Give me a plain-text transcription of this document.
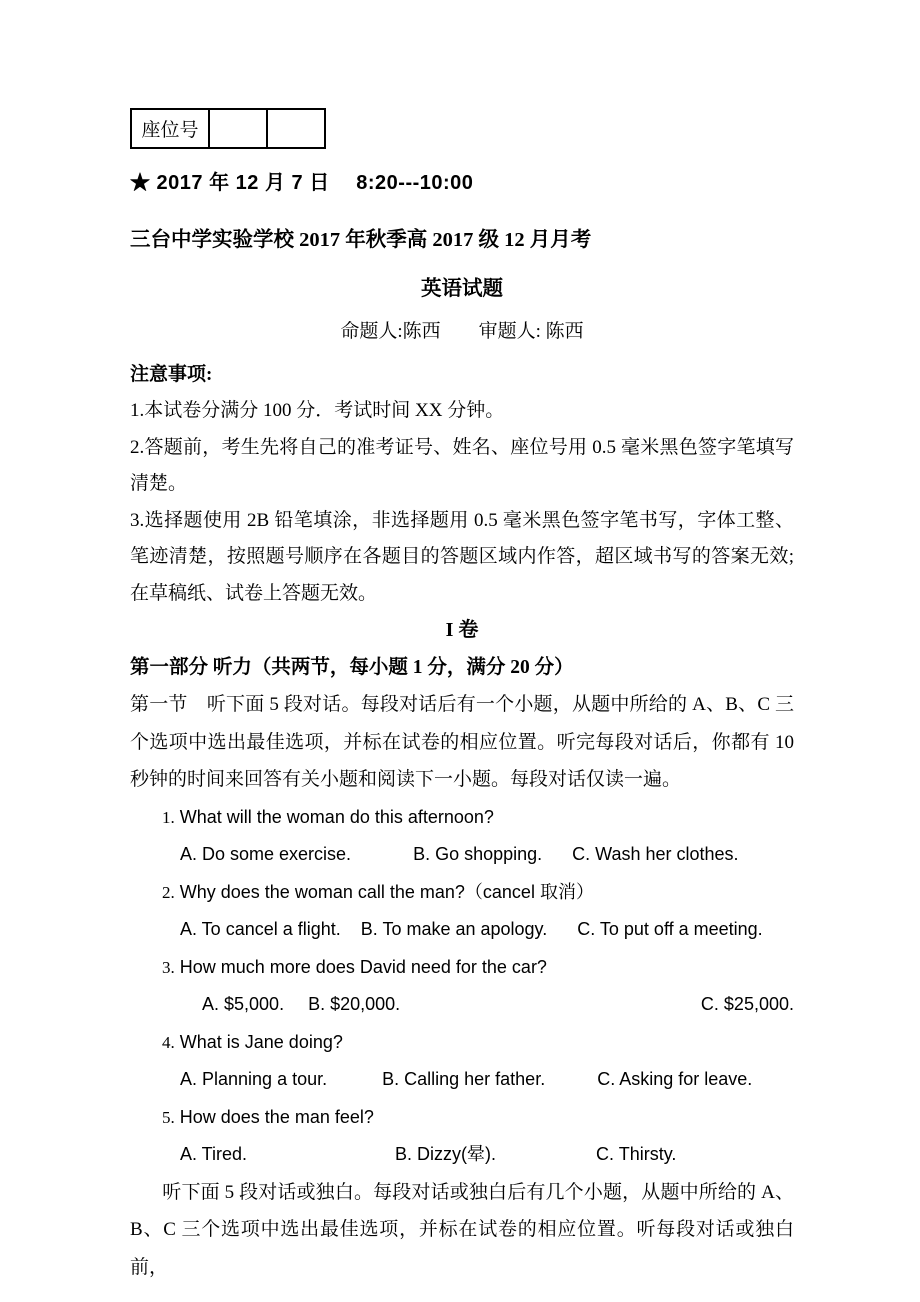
座位号		

★ 2017 年 12 月 7 日　 8:20---10:00

三台中学实验学校 2017 年秋季高 2017 级 12 月月考

英语试题

命题人:陈西　　审题人: 陈西

注意事项:

1.本试卷分满分 100 分．考试时间 XX 分钟。

2.答题前，考生先将自己的准考证号、姓名、座位号用 0.5 毫米黑色签字笔填写清楚。

3.选择题使用 2B 铅笔填涂，非选择题用 0.5 毫米黑色签字笔书写，字体工整、笔迹清楚，按照题号顺序在各题目的答题区域内作答，超区域书写的答案无效; 在草稿纸、试卷上答题无效。

I 卷

第一部分 听力（共两节，每小题 1 分，满分 20 分）

第一节　听下面 5 段对话。每段对话后有一个小题，从题中所给的 A、B、C 三个选项中选出最佳选项，并标在试卷的相应位置。听完每段对话后，你都有 10 秒钟的时间来回答有关小题和阅读下一小题。每段对话仅读一遍。

1. What will the woman do this afternoon?

A. Do some exercise.	B. Go shopping. C. Wash her clothes.

2. Why does the woman call the man?（cancel 取消）

A. To cancel a flight. B. To make an apology. C. To put off a meeting.

3. How much more does David need for the car?

A. $5,000. B. $20,000.	C. $25,000.

4. What is Jane doing?

A. Planning a tour.	B. Calling her father.	C. Asking for leave.

5. How does the man feel?

A. Tired.	B. Dizzy(晕).	C. Thirsty.

听下面 5 段对话或独白。每段对话或独白后有几个小题，从题中所给的 A、B、C 三个选项中选出最佳选项，并标在试卷的相应位置。听每段对话或独白前，
